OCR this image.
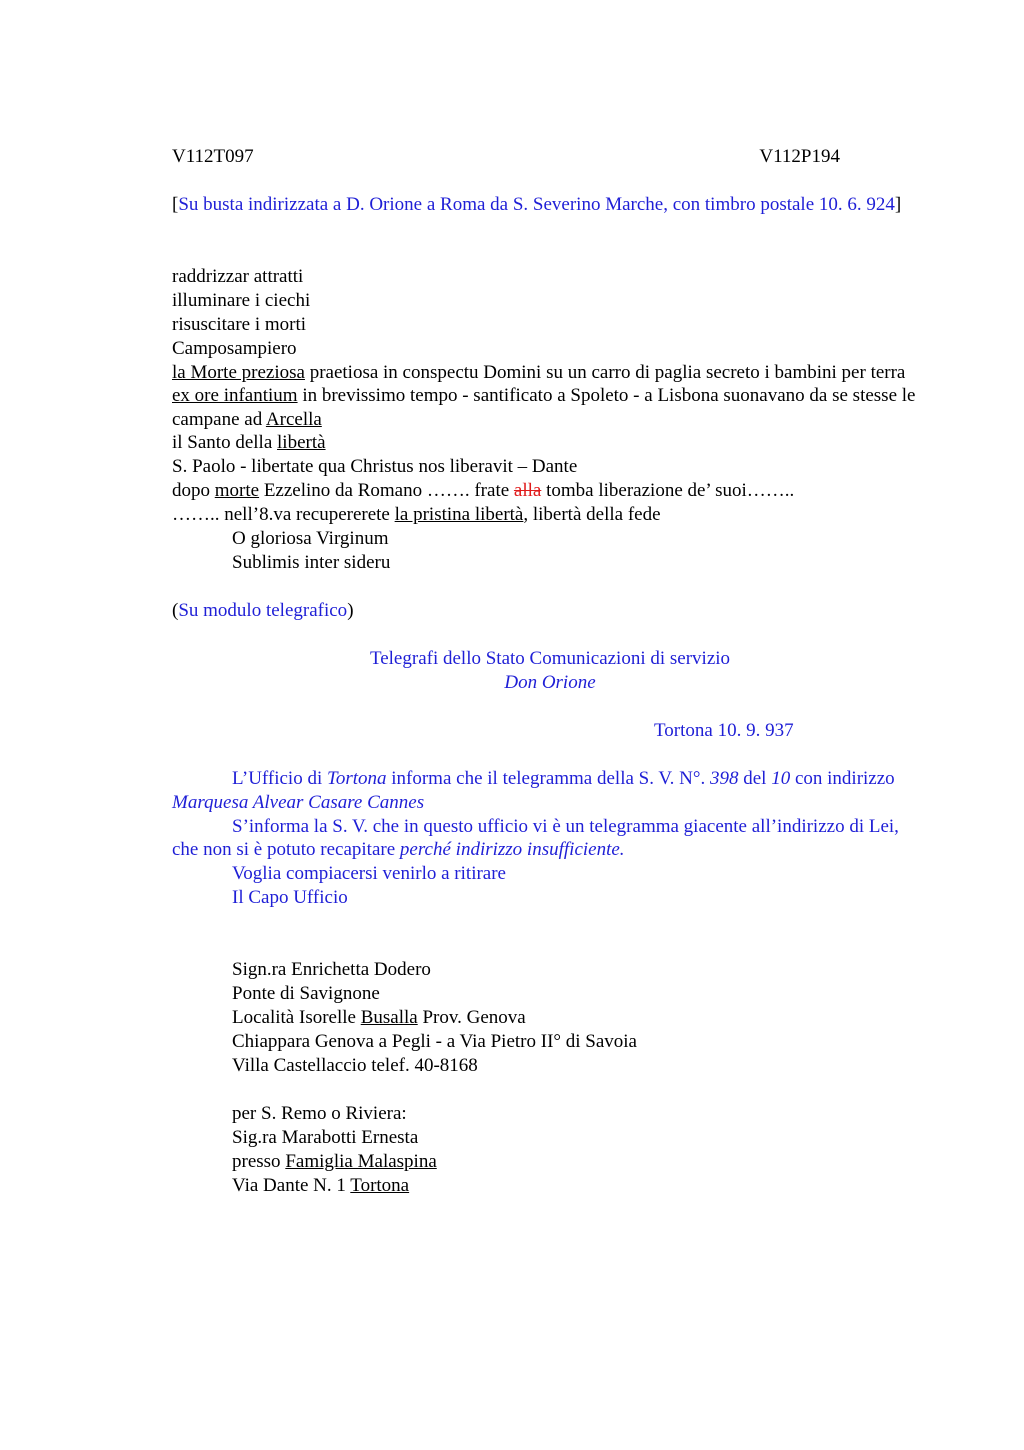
V112T097	V112P194
[Su busta indirizzata a D. Orione a Roma da S. Severino Marche, con timbro postale 10. 6. 924]
raddrizzar attratti
illuminare i ciechi
risuscitare i morti
Camposampiero
la Morte preziosa praetiosa in conspectu Domini su un carro di paglia secreto i bambini per terra ex ore infantium in brevissimo tempo - santificato a Spoleto - a Lisbona suonavano da se stesse le campane ad Arcella
il Santo della libertà
S. Paolo - libertate qua Christus nos liberavit – Dante
dopo morte Ezzelino da Romano ……. frate alla tomba liberazione de’ suoi……..
…….. nell’8.va recupererete la pristina libertà, libertà della fede
O gloriosa Virginum
Sublimis inter sideru
(Su modulo telegrafico)
Telegrafi dello Stato Comunicazioni di servizio
Don Orione
Tortona 10. 9. 937
L’Ufficio di Tortona informa che il telegramma della S. V. N°. 398 del 10 con indirizzo Marquesa Alvear Casare Cannes
S’informa la S. V. che in questo ufficio vi è un telegramma giacente all’indirizzo di Lei, che non si è potuto recapitare perché indirizzo insufficiente.
Voglia compiacersi venirlo a ritirare
Il Capo Ufficio
Sign.ra Enrichetta Dodero
Ponte di Savignone
Località Isorelle Busalla Prov. Genova
Chiappara Genova a Pegli - a Via Pietro II° di Savoia
Villa Castellaccio telef. 40-8168
per S. Remo o Riviera:
Sig.ra Marabotti Ernesta
presso Famiglia Malaspina
Via Dante N. 1 Tortona
